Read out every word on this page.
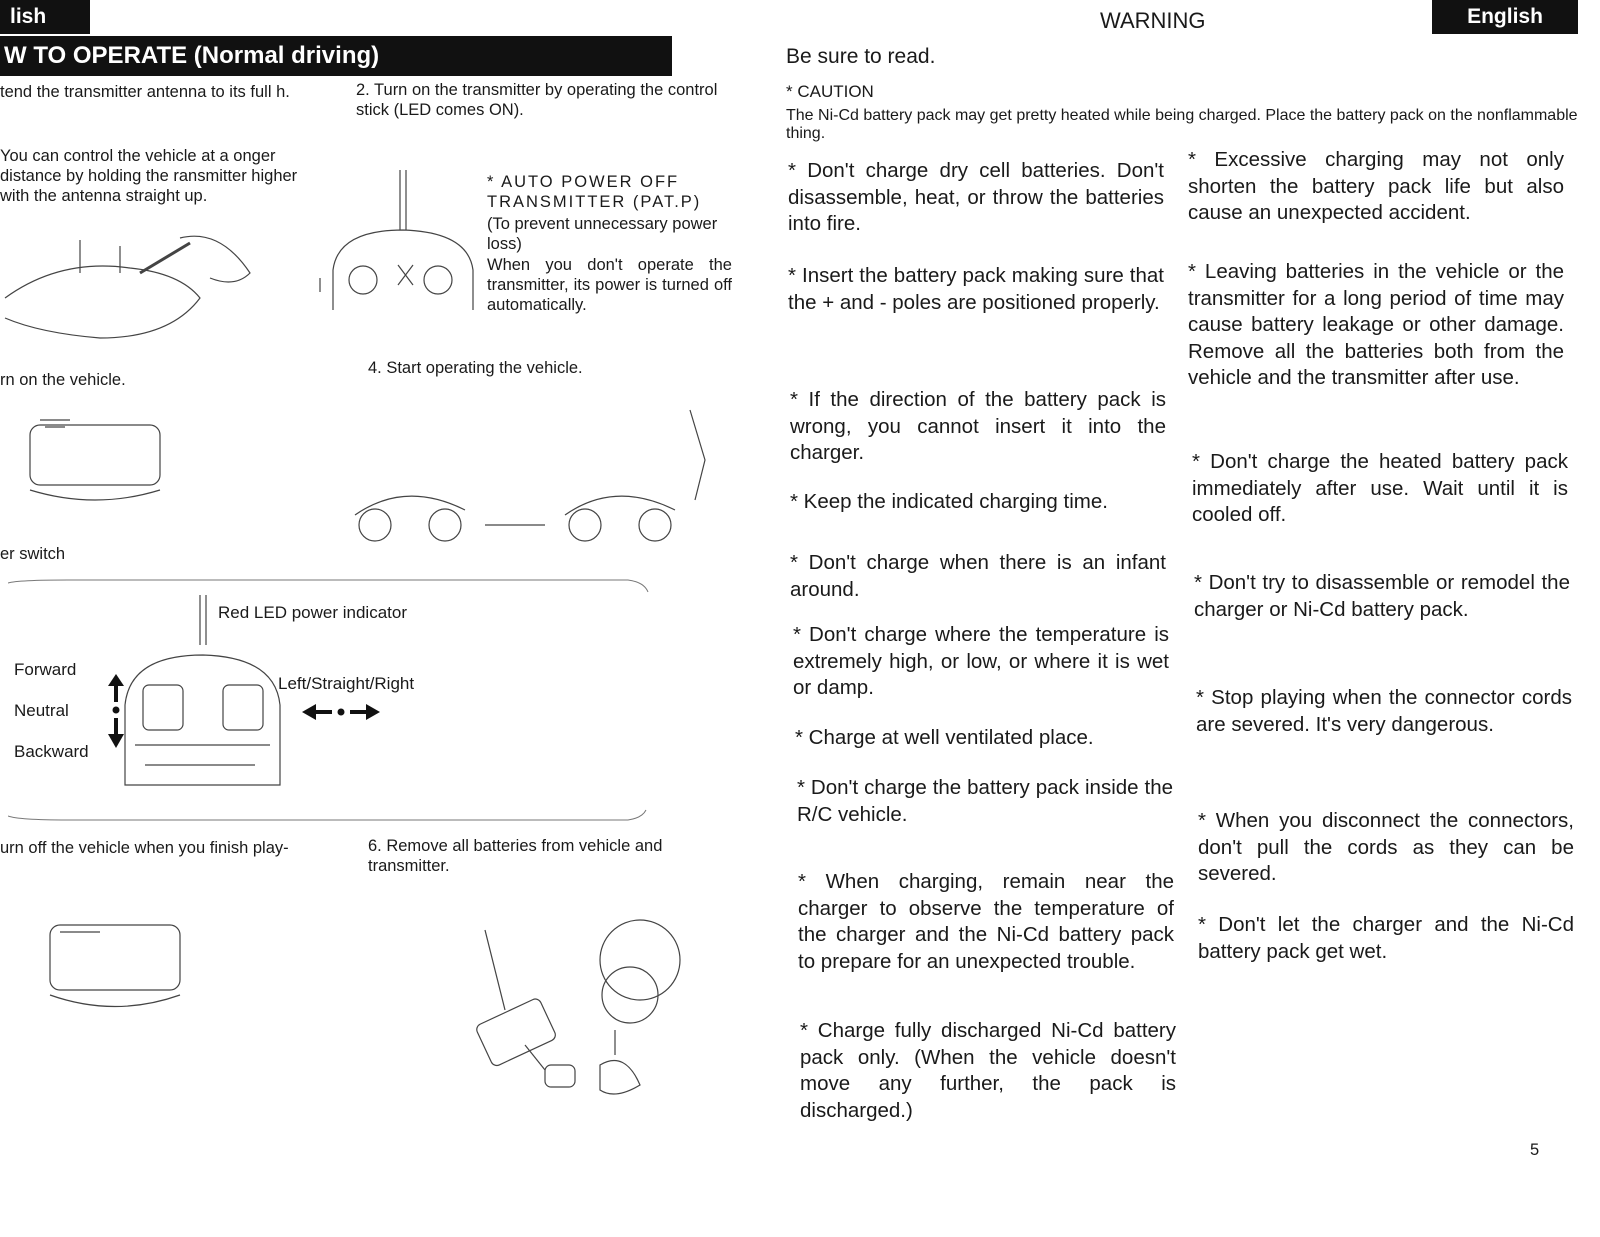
lish
W TO OPERATE (Normal driving)
tend the transmitter antenna to its full h.
You can control the vehicle at a onger distance by holding the ransmitter higher with the antenna straight up.
2. Turn on the transmitter by operating the control stick (LED comes ON).
* AUTO POWER OFF TRANSMITTER (PAT.P)
(To prevent unnecessary power loss)
When you don't operate the transmitter, its power is turned off automatically.
rn on the vehicle.
4. Start operating the vehicle.
er switch
Red LED power indicator
Forward
Neutral
Backward
Left/Straight/Right
urn off the vehicle when you finish play-	6. Remove all batteries from vehicle and transmitter.
WARNING	English
Be sure to read.
* CAUTION
The Ni-Cd battery pack may get pretty heated while being charged. Place the battery pack on the nonflammable thing.
* Don't charge dry cell batteries. Don't disassemble, heat, or throw the batteries into fire.
* Insert the battery pack making sure that the + and - poles are positioned properly.
* If the direction of the battery pack is wrong, you cannot insert it into the charger.
* Keep the indicated charging time.
* Don't charge when there is an infant around.
* Don't charge where the temperature is extremely high, or low, or where it is wet or damp.
* Charge at well ventilated place.
* Don't charge the battery pack inside the R/C vehicle.
* When charging, remain near the charger to observe the temperature of the charger and the Ni-Cd battery pack to prepare for an unexpected trouble.
* Charge fully discharged Ni-Cd battery pack only. (When the vehicle doesn't move any further, the pack is discharged.)
* Excessive charging may not only shorten the battery pack life but also cause an unexpected accident.
* Leaving batteries in the vehicle or the transmitter for a long period of time may cause battery leakage or other damage. Remove all the batteries both from the vehicle and the transmitter after use.
* Don't charge the heated battery pack immediately after use. Wait until it is cooled off.
* Don't try to disassemble or remodel the charger or Ni-Cd battery pack.
* Stop playing when the connector cords are severed. It's very dangerous.
* When you disconnect the connectors, don't pull the cords as they can be severed.
* Don't let the charger and the Ni-Cd battery pack get wet.
5
